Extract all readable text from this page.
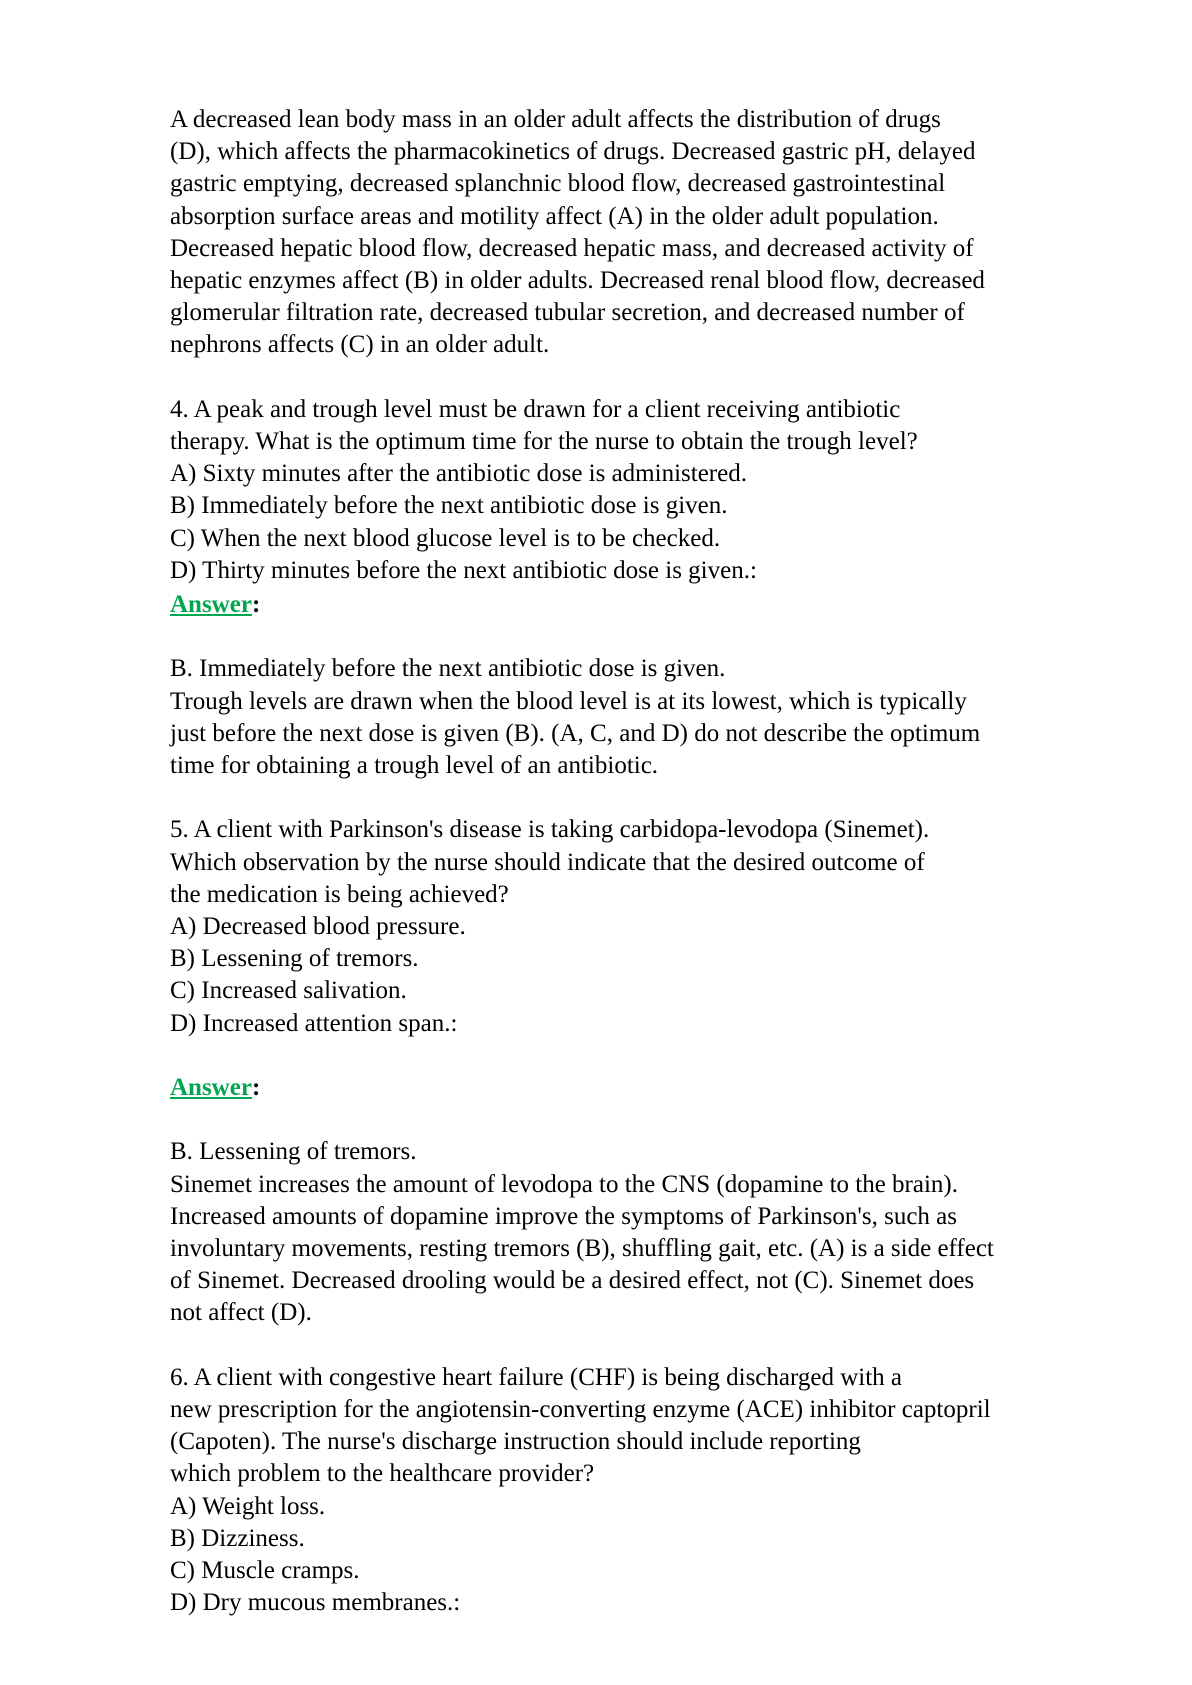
A decreased lean body mass in an older adult affects the distribution of drugs
(D), which affects the pharmacokinetics of drugs. Decreased gastric pH, delayed
gastric emptying, decreased splanchnic blood flow, decreased gastrointestinal
absorption surface areas and motility affect (A) in the older adult population.
Decreased hepatic blood flow, decreased hepatic mass, and decreased activity of
hepatic enzymes affect (B) in older adults. Decreased renal blood flow, decreased
glomerular filtration rate, decreased tubular secretion, and decreased number of
nephrons affects (C) in an older adult.
4. A peak and trough level must be drawn for a client receiving antibiotic
therapy. What is the optimum time for the nurse to obtain the trough level?
A) Sixty minutes after the antibiotic dose is administered.
B) Immediately before the next antibiotic dose is given.
C) When the next blood glucose level is to be checked.
D) Thirty minutes before the next antibiotic dose is given.:
Answer:
B. Immediately before the next antibiotic dose is given.
Trough levels are drawn when the blood level is at its lowest, which is typically
just before the next dose is given (B). (A, C, and D) do not describe the optimum
time for obtaining a trough level of an antibiotic.
5. A client with Parkinson's disease is taking carbidopa-levodopa (Sinemet).
Which observation by the nurse should indicate that the desired outcome of
the medication is being achieved?
A) Decreased blood pressure.
B) Lessening of tremors.
C) Increased salivation.
D) Increased attention span.:
Answer:
B. Lessening of tremors.
Sinemet increases the amount of levodopa to the CNS (dopamine to the brain).
Increased amounts of dopamine improve the symptoms of Parkinson's, such as
involuntary movements, resting tremors (B), shuffling gait, etc. (A) is a side effect
of Sinemet. Decreased drooling would be a desired effect, not (C). Sinemet does
not affect (D).
6. A client with congestive heart failure (CHF) is being discharged with a
new prescription for the angiotensin-converting enzyme (ACE) inhibitor captopril
(Capoten). The nurse's discharge instruction should include reporting
which problem to the healthcare provider?
A) Weight loss.
B) Dizziness.
C) Muscle cramps.
D) Dry mucous membranes.:
